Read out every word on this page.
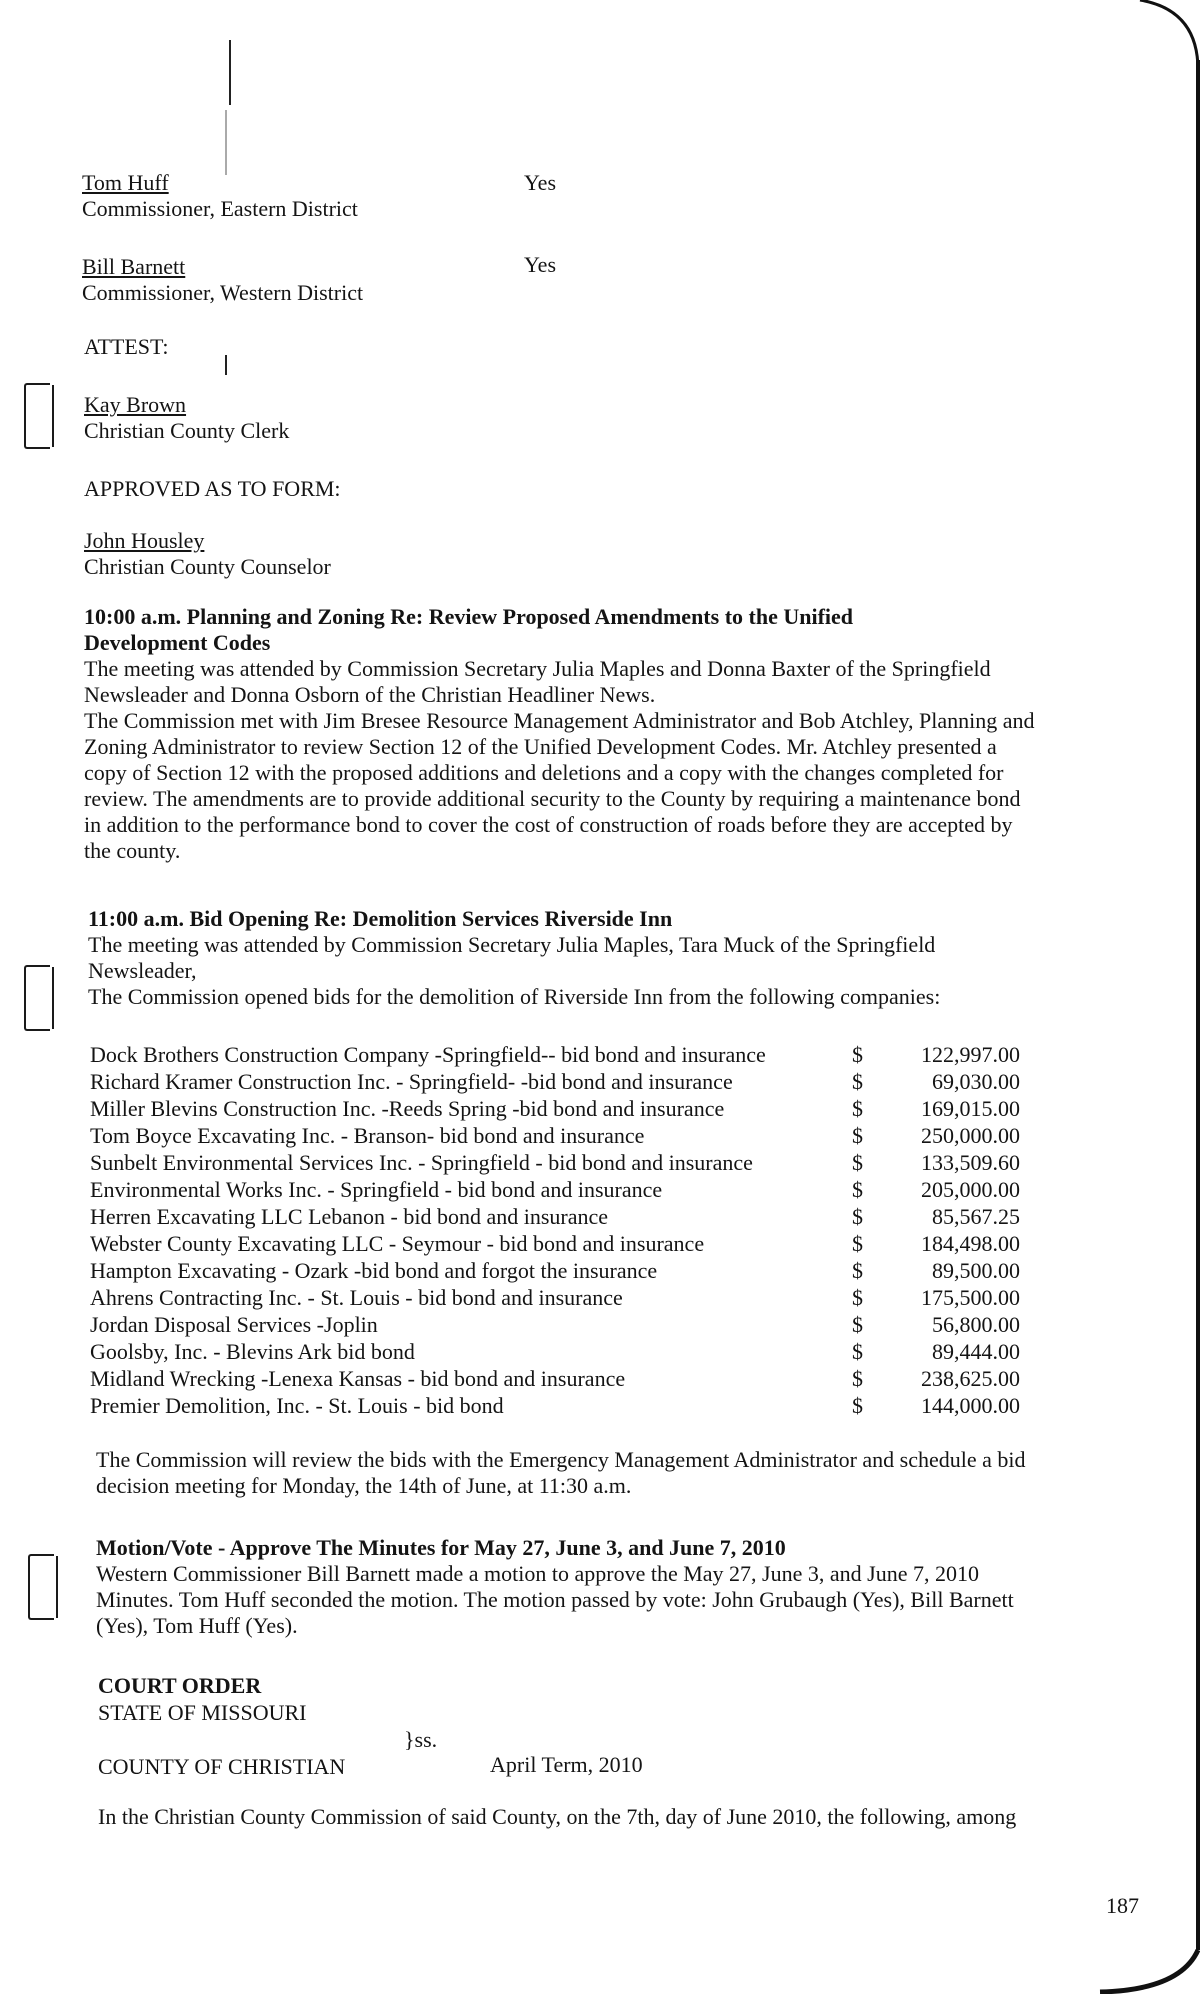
Tom Huff
Commissioner, Eastern District
Yes
Bill Barnett
Commissioner, Western District
Yes
ATTEST:
Kay Brown
Christian County Clerk
APPROVED AS TO FORM:
John Housley
Christian County Counselor
10:00 a.m. Planning and Zoning Re: Review Proposed Amendments to the Unified
Development Codes
The meeting was attended by Commission Secretary Julia Maples and Donna Baxter of the Springfield
Newsleader and Donna Osborn of the Christian Headliner News.
The Commission met with Jim Bresee Resource Management Administrator and Bob Atchley, Planning and
Zoning Administrator to review Section 12 of the Unified Development Codes. Mr. Atchley presented a
copy of Section 12 with the proposed additions and deletions and a copy with the changes completed for
review. The amendments are to provide additional security to the County by requiring a maintenance bond
in addition to the performance bond to cover the cost of construction of roads before they are accepted by
the county.
11:00 a.m. Bid Opening Re: Demolition Services Riverside Inn
The meeting was attended by Commission Secretary Julia Maples, Tara Muck of the Springfield
Newsleader,
The Commission opened bids for the demolition of Riverside Inn from the following companies:
Dock Brothers Construction Company -Springfield-- bid bond and insurance	$	122,997.00
Richard Kramer Construction Inc. - Springfield- -bid bond and insurance	$	69,030.00
Miller Blevins Construction Inc. -Reeds Spring -bid bond and insurance	$	169,015.00
Tom Boyce Excavating Inc. - Branson- bid bond and insurance	$	250,000.00
Sunbelt Environmental Services Inc. - Springfield - bid bond and insurance	$	133,509.60
Environmental Works Inc. - Springfield - bid bond and insurance	$	205,000.00
Herren Excavating LLC Lebanon - bid bond and insurance	$	85,567.25
Webster County Excavating LLC - Seymour - bid bond and insurance	$	184,498.00
Hampton Excavating - Ozark -bid bond and forgot the insurance	$	89,500.00
Ahrens Contracting Inc. - St. Louis - bid bond and insurance	$	175,500.00
Jordan Disposal Services -Joplin	$	56,800.00
Goolsby, Inc. - Blevins Ark bid bond	$	89,444.00
Midland Wrecking -Lenexa Kansas - bid bond and insurance	$	238,625.00
Premier Demolition, Inc. - St. Louis - bid bond	$	144,000.00
The Commission will review the bids with the Emergency Management Administrator and schedule a bid
decision meeting for Monday, the 14th of June, at 11:30 a.m.
Motion/Vote - Approve The Minutes for May 27, June 3, and June 7, 2010
Western Commissioner Bill Barnett made a motion to approve the May 27, June 3, and June 7, 2010
Minutes. Tom Huff seconded the motion. The motion passed by vote: John Grubaugh (Yes), Bill Barnett
(Yes), Tom Huff (Yes).
COURT ORDER
STATE OF MISSOURI
}ss.
COUNTY OF CHRISTIAN	April Term, 2010
In the Christian County Commission of said County, on the 7th, day of June 2010, the following, among
187
